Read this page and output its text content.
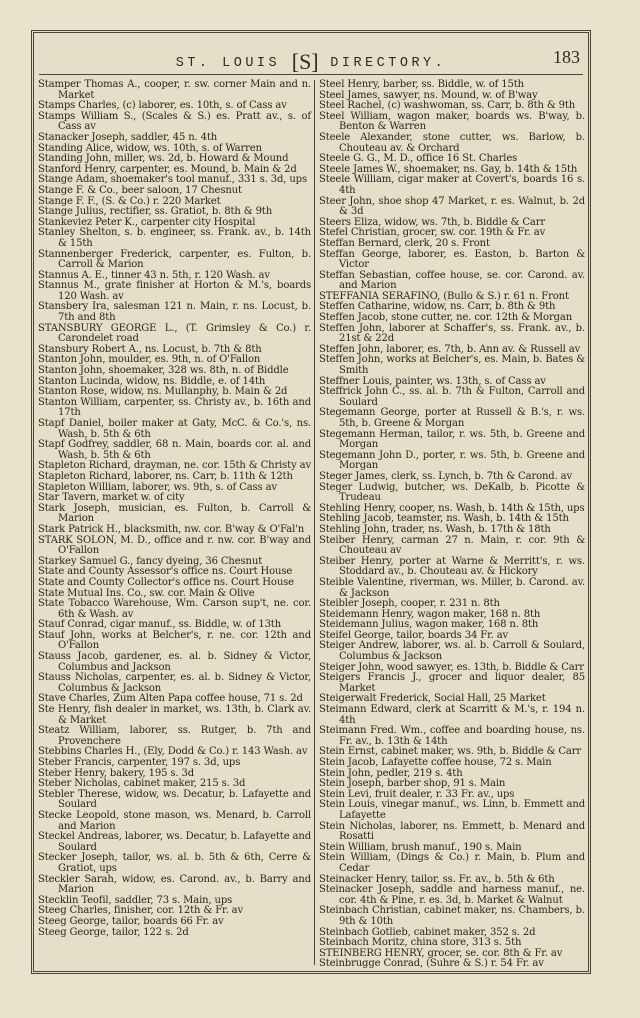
ST. LOUIS [S] DIRECTORY.	183

Stamper Thomas A., cooper, r. sw. corner Main and n. Market

Stamps Charles, (c) laborer, es. 10th, s. of Cass av

Stamps William S., (Scales & S.) es. Pratt av., s. of Cass av

Stanacker Joseph, saddler, 45 n. 4th

Standing Alice, widow, ws. 10th, s. of Warren

Standing John, miller, ws. 2d, b. Howard & Mound

Stanford Henry, carpenter, es. Mound, b. Main & 2d

Stange Adam, shoemaker's tool manuf., 331 s. 3d, ups

Stange F. & Co., beer saloon, 17 Chesnut

Stange F. F., (S. & Co.) r. 220 Market

Stange Julius, rectifier, ss. Gratiot, b. 8th & 9th

Stankeviez Peter K., carpenter city Hospital

Stanley Shelton, s. b. engineer, ss. Frank. av., b. 14th & 15th

Stannenberger Frederick, carpenter, es. Fulton, b. Carroll & Marion

Stannus A. E., tinner 43 n. 5th, r. 120 Wash. av

Stannus M., grate finisher at Horton & M.'s, boards 120 Wash. av

Stansbery Ira, salesman 121 n. Main, r. ns. Locust, b. 7th and 8th

STANSBURY GEORGE L., (T. Grimsley & Co.) r. Carondelet road

Stansbury Robert A., ns. Locust, b. 7th & 8th

Stanton John, moulder, es. 9th, n. of O'Fallon

Stanton John, shoemaker, 328 ws. 8th, n. of Biddle

Stanton Lucinda, widow, ns. Biddle, e. of 14th

Stanton Rose, widow, ns. Mullanphy, b. Main & 2d

Stanton William, carpenter, ss. Christy av., b. 16th and 17th

Stapf Daniel, boiler maker at Gaty, McC. & Co.'s, ns. Wash, b. 5th & 6th

Stapf Godfrey, saddler, 68 n. Main, boards cor. al. and Wash, b. 5th & 6th

Stapleton Richard, drayman, ne. cor. 15th & Christy av

Stapleton Richard, laborer, ns. Carr, b. 11th & 12th

Stapleton William, laborer, ws. 9th, s. of Cass av

Star Tavern, market w. of city

Stark Joseph, musician, es. Fulton, b. Carroll & Marion

Stark Patrick H., blacksmith, nw. cor. B'way & O'Fal'n

STARK SOLON, M. D., office and r. nw. cor. B'way and O'Fallon

Starkey Samuel G., fancy dyeing, 36 Chesnut

State and County Assessor's office ns. Court House

State and County Collector's office ns. Court House

State Mutual Ins. Co., sw. cor. Main & Olive

State Tobacco Warehouse, Wm. Carson sup't, ne. cor. 6th & Wash. av

Stauf Conrad, cigar manuf., ss. Biddle, w. of 13th

Stauf John, works at Belcher's, r. ne. cor. 12th and O'Fallon

Stauss Jacob, gardener, es. al. b. Sidney & Victor, Columbus and Jackson

Stauss Nicholas, carpenter, es. al. b. Sidney & Victor, Columbus & Jackson

Stave Charles, Zum Alten Papa coffee house, 71 s. 2d

Ste Henry, fish dealer in market, ws. 13th, b. Clark av. & Market

Steatz William, laborer, ss. Rutger, b. 7th and Provenchere

Stebbins Charles H., (Ely, Dodd & Co.) r. 143 Wash. av

Steber Francis, carpenter, 197 s. 3d, ups

Steber Henry, bakery, 195 s. 3d

Steber Nicholas, cabinet maker, 215 s. 3d

Stebler Therese, widow, ws. Decatur, b. Lafayette and Soulard

Stecke Leopold, stone mason, ws. Menard, b. Carroll and Marion

Steckel Andreas, laborer, ws. Decatur, b. Lafayette and Soulard

Stecker Joseph, tailor, ws. al. b. 5th & 6th, Cerre & Gratiot, ups

Steckler Sarah, widow, es. Carond. av., b. Barry and Marion

Stecklin Teofil, saddler, 73 s. Main, ups

Steeg Charles, finisher, cor. 12th & Fr. av

Steeg George, tailor, boards 66 Fr. av

Steeg George, tailor, 122 s. 2d

Steel Henry, barber, ss. Biddle, w. of 15th

Steel James, sawyer, ns. Mound, w. of B'way

Steel Rachel, (c) washwoman, ss. Carr, b. 8th & 9th

Steel William, wagon maker, boards ws. B'way, b. Benton & Warren

Steele Alexander, stone cutter, ws. Barlow, b. Chouteau av. & Orchard

Steele G. G., M. D., office 16 St. Charles

Steele James W., shoemaker, ns. Gay, b. 14th & 15th

Steele William, cigar maker at Covert's, boards 16 s. 4th

Steer John, shoe shop 47 Market, r. es. Walnut, b. 2d & 3d

Steers Eliza, widow, ws. 7th, b. Biddle & Carr

Stefel Christian, grocer, sw. cor. 19th & Fr. av

Steffan Bernard, clerk, 20 s. Front

Steffan George, laborer, es. Easton, b. Barton & Victor

Steffan Sebastian, coffee house, se. cor. Carond. av. and Marion

STEFFANIA SERAFINO, (Bullo & S.) r. 61 n. Front

Steffen Catharine, widow, ns. Carr, b. 8th & 9th

Steffen Jacob, stone cutter, ne. cor. 12th & Morgan

Steffen John, laborer at Schaffer's, ss. Frank. av., b. 21st & 22d

Steffen John, laborer, es. 7th, b. Ann av. & Russell av

Steffen John, works at Belcher's, es. Main, b. Bates & Smith

Steffner Louis, painter, ws. 13th, s. of Cass av

Steffrick John C., ss. al. b. 7th & Fulton, Carroll and Soulard

Stegemann George, porter at Russell & B.'s, r. ws. 5th, b. Greene & Morgan

Stegemann Herman, tailor, r. ws. 5th, b. Greene and Morgan

Stegemann John D., porter, r. ws. 5th, b. Greene and Morgan

Steger James, clerk, ss. Lynch, b. 7th & Carond. av

Steger Ludwig, butcher, ws. DeKalb, b. Picotte & Trudeau

Stehling Henry, cooper, ns. Wash, b. 14th & 15th, ups

Stehling Jacob, teamster, ns. Wash, b. 14th & 15th

Stehling John, trader, ns. Wash, b. 17th & 18th

Steiber Henry, carman 27 n. Main, r. cor. 9th & Chouteau av

Steiber Henry, porter at Warne & Merritt's, r. ws. Stoddard av., b. Chouteau av. & Hickory

Steible Valentine, riverman, ws. Miller, b. Carond. av. & Jackson

Steibler Joseph, cooper, r. 231 n. 8th

Steidemann Henry, wagon maker, 168 n. 8th

Steidemann Julius, wagon maker, 168 n. 8th

Steifel George, tailor, boards 34 Fr. av

Steiger Andrew, laborer, ws. al. b. Carroll & Soulard, Columbus & Jackson

Steiger John, wood sawyer, es. 13th, b. Biddle & Carr

Steigers Francis J., grocer and liquor dealer, 85 Market

Steigerwalt Frederick, Social Hall, 25 Market

Steimann Edward, clerk at Scarritt & M.'s, r. 194 n. 4th

Steimann Fred. Wm., coffee and boarding house, ns. Fr. av., b. 13th & 14th

Stein Ernst, cabinet maker, ws. 9th, b. Biddle & Carr

Stein Jacob, Lafayette coffee house, 72 s. Main

Stein John, pedler, 219 s. 4th

Stein Joseph, barber shop, 91 s. Main

Stein Levi, fruit dealer, r. 33 Fr. av., ups

Stein Louis, vinegar manuf., ws. Linn, b. Emmett and Lafayette

Stein Nicholas, laborer, ns. Emmett, b. Menard and Rosatti

Stein William, brush manuf., 190 s. Main

Stein William, (Dings & Co.) r. Main, b. Plum and Cedar

Steinacker Henry, tailor, ss. Fr. av., b. 5th & 6th

Steinacker Joseph, saddle and harness manuf., ne. cor. 4th & Pine, r. es. 3d, b. Market & Walnut

Steinbach Christian, cabinet maker, ns. Chambers, b. 9th & 10th

Steinbach Gotlieb, cabinet maker, 352 s. 2d

Steinbach Moritz, china store, 313 s. 5th

STEINBERG HENRY, grocer, se. cor. 8th & Fr. av

Steinbrugge Conrad, (Suhre & S.) r. 54 Fr. av
